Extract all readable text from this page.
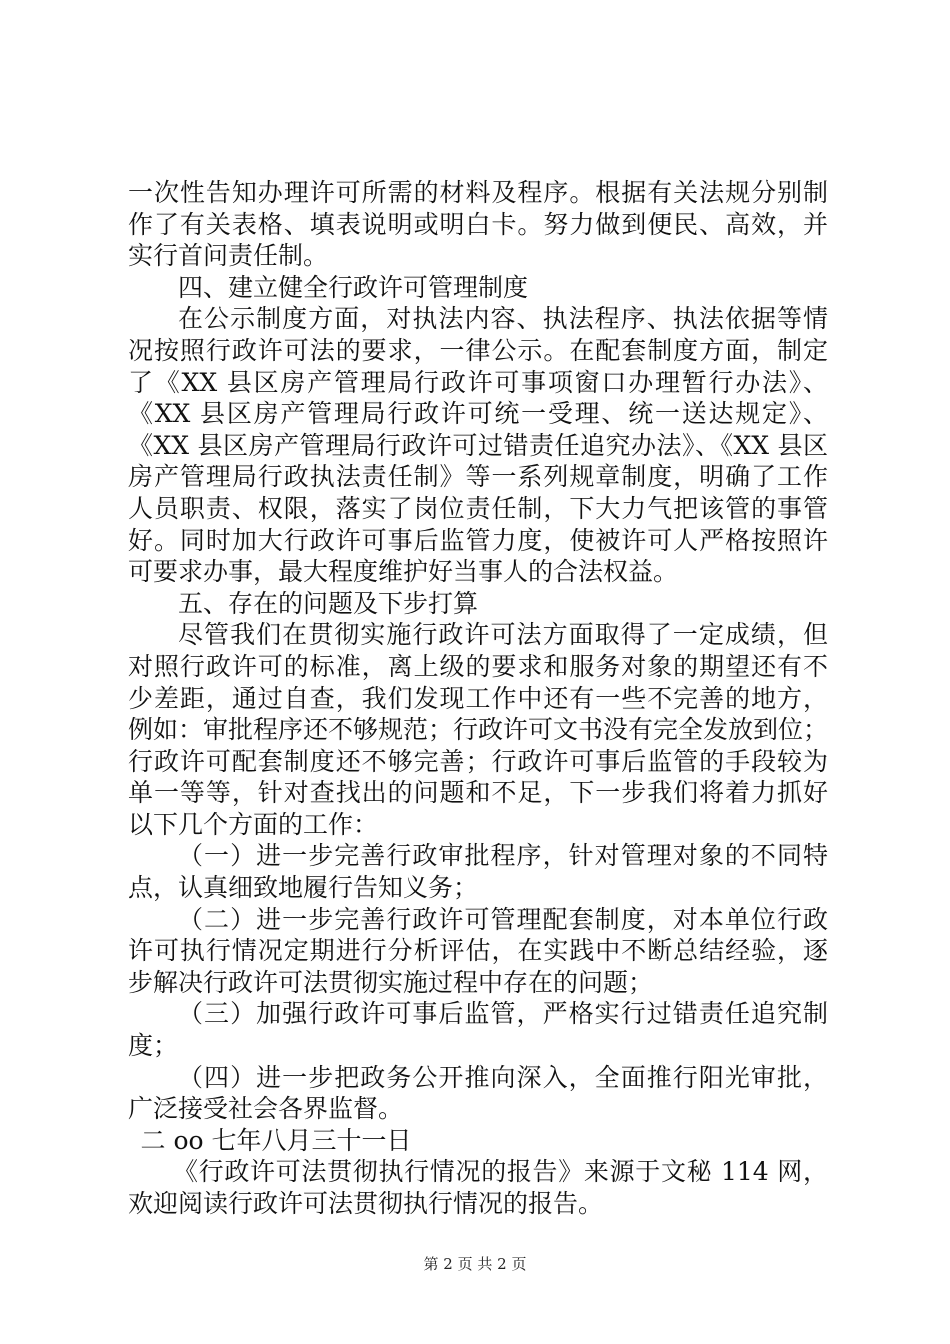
一次性告知办理许可所需的材料及程序。根据有关法规分别制
作了有关表格、填表说明或明白卡。努力做到便民、高效，并
实行首问责任制。
四、建立健全行政许可管理制度
在公示制度方面，对执法内容、执法程序、执法依据等情
况按照行政许可法的要求，一律公示。在配套制度方面，制定
了《XX 县区房产管理局行政许可事项窗口办理暂行办法》、
《XX 县区房产管理局行政许可统一受理、统一送达规定》、
《XX 县区房产管理局行政许可过错责任追究办法》、《XX 县区
房产管理局行政执法责任制》等一系列规章制度，明确了工作
人员职责、权限，落实了岗位责任制，下大力气把该管的事管
好。同时加大行政许可事后监管力度，使被许可人严格按照许
可要求办事，最大程度维护好当事人的合法权益。
五、存在的问题及下步打算
尽管我们在贯彻实施行政许可法方面取得了一定成绩，但
对照行政许可的标准，离上级的要求和服务对象的期望还有不
少差距，通过自查，我们发现工作中还有一些不完善的地方，
例如：审批程序还不够规范；行政许可文书没有完全发放到位；
行政许可配套制度还不够完善；行政许可事后监管的手段较为
单一等等，针对查找出的问题和不足，下一步我们将着力抓好
以下几个方面的工作：
（一）进一步完善行政审批程序，针对管理对象的不同特
点，认真细致地履行告知义务；
（二）进一步完善行政许可管理配套制度，对本单位行政
许可执行情况定期进行分析评估，在实践中不断总结经验，逐
步解决行政许可法贯彻实施过程中存在的问题；
（三）加强行政许可事后监管，严格实行过错责任追究制
度；
（四）进一步把政务公开推向深入，全面推行阳光审批，
广泛接受社会各界监督。
二 oo 七年八月三十一日
《行政许可法贯彻执行情况的报告》来源于文秘 114 网，
欢迎阅读行政许可法贯彻执行情况的报告。
第 2 页 共 2 页
